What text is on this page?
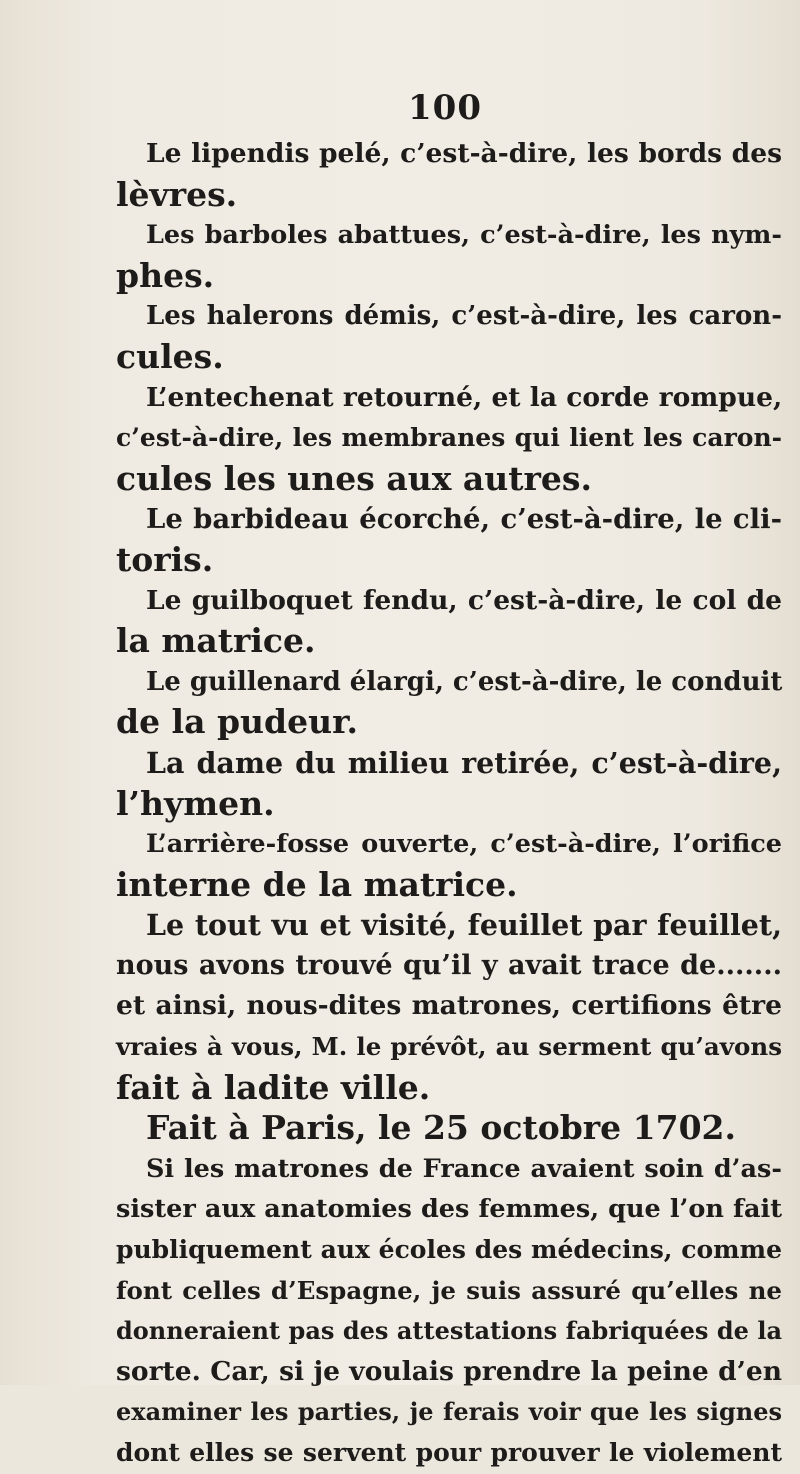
100
Le lipendis pelé, c’est-à-dire, les bords des
lèvres.
Les barboles abattues, c’est-à-dire, les nym-
phes.
Les halerons démis, c’est-à-dire, les caron-
cules.
L’entechenat retourné, et la corde rompue,
c’est-à-dire, les membranes qui lient les caron-
cules les unes aux autres.
Le barbideau écorché, c’est-à-dire, le cli-
toris.
Le guilboquet fendu, c’est-à-dire, le col de
la matrice.
Le guillenard élargi, c’est-à-dire, le conduit
de la pudeur.
La dame du milieu retirée, c’est-à-dire,
l’hymen.
L’arrière-fosse ouverte, c’est-à-dire, l’orifice
interne de la matrice.
Le tout vu et visité, feuillet par feuillet,
nous avons trouvé qu’il y avait trace de.......
et ainsi, nous-dites matrones, certifions être
vraies à vous, M. le prévôt, au serment qu’avons
fait à ladite ville.
Fait à Paris, le 25 octobre 1702.
Si les matrones de France avaient soin d’as-
sister aux anatomies des femmes, que l’on fait
publiquement aux écoles des médecins, comme
font celles d’Espagne, je suis assuré qu’elles ne
donneraient pas des attestations fabriquées de la
sorte. Car, si je voulais prendre la peine d’en
examiner les parties, je ferais voir que les signes
dont elles se servent pour prouver le violement
